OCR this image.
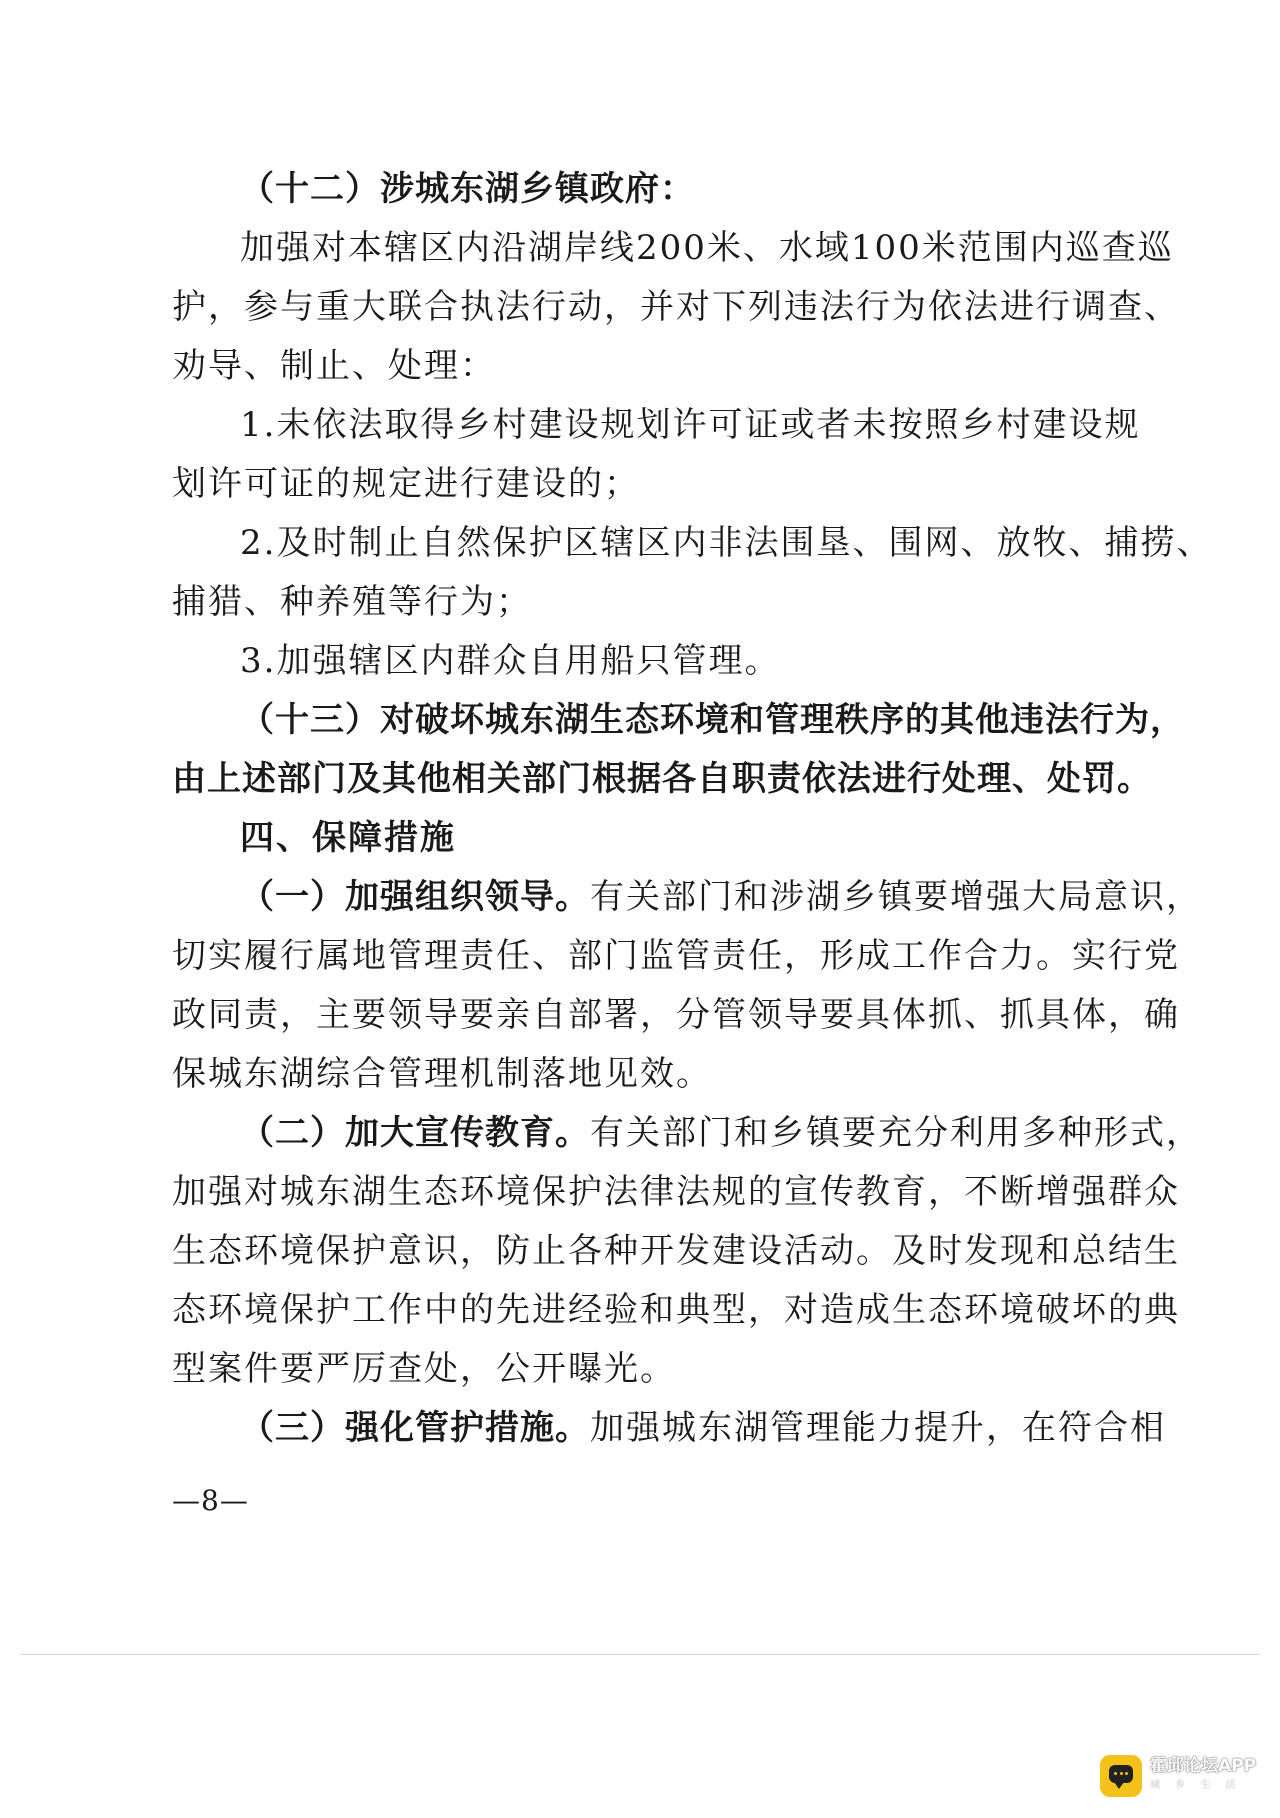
（十二）涉城东湖乡镇政府：
加强对本辖区内沿湖岸线200米、水域100米范围内巡查巡
护，参与重大联合执法行动，并对下列违法行为依法进行调查、
劝导、制止、处理：
1.未依法取得乡村建设规划许可证或者未按照乡村建设规
划许可证的规定进行建设的；
2.及时制止自然保护区辖区内非法围垦、围网、放牧、捕捞、
捕猎、种养殖等行为；
3.加强辖区内群众自用船只管理。
（十三）对破坏城东湖生态环境和管理秩序的其他违法行为，
由上述部门及其他相关部门根据各自职责依法进行处理、处罚。
四、保障措施
（一）加强组织领导。有关部门和涉湖乡镇要增强大局意识，
切实履行属地管理责任、部门监管责任，形成工作合力。实行党
政同责，主要领导要亲自部署，分管领导要具体抓、抓具体，确
保城东湖综合管理机制落地见效。
（二）加大宣传教育。有关部门和乡镇要充分利用多种形式，
加强对城东湖生态环境保护法律法规的宣传教育，不断增强群众
生态环境保护意识，防止各种开发建设活动。及时发现和总结生
态环境保护工作中的先进经验和典型，对造成生态环境破坏的典
型案件要严厉查处，公开曝光。
（三）强化管护措施。加强城东湖管理能力提升，在符合相
—8—
霍邱论坛APP
城 乡 生 活
